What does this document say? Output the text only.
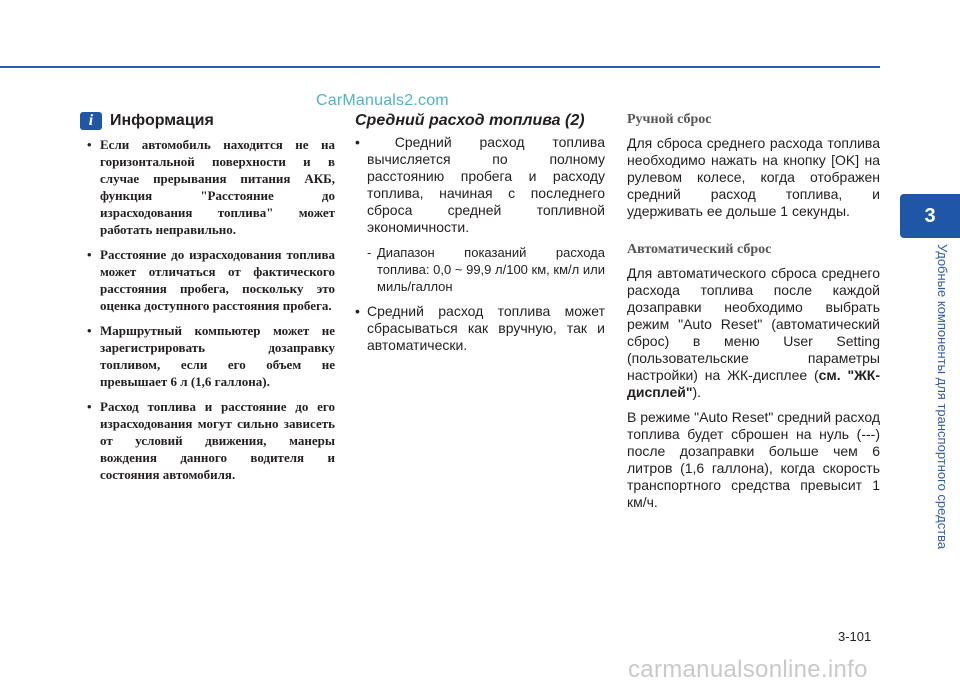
CarManuals2.com
i	Информация
• Если автомобиль находится не на горизонтальной поверхности и в случае прерывания питания АКБ, функция "Расстояние до израсходования топлива" может работать неправильно.
• Расстояние до израсходования топлива может отличаться от фактического расстояния пробега, поскольку это оценка доступного расстояния пробега.
• Маршрутный компьютер может не зарегистрировать дозаправку топливом, если его объем не превышает 6 л (1,6 галлона).
• Расход топлива и расстояние до его израсходования могут сильно зависеть от условий движения, манеры вождения данного водителя и состояния автомобиля.
Средний расход топлива (2)
• Средний расход топлива вычисляется по полному расстоянию пробега и расходу топлива, начиная с последнего сброса средней топливной экономичности.
- Диапазон показаний расхода топлива: 0,0 ~ 99,9 л/100 км, км/л или миль/галлон
• Средний расход топлива может сбрасываться как вручную, так и автоматически.
Ручной сброс

Для сброса среднего расхода топлива необходимо нажать на кнопку [OK] на рулевом колесе, когда отображен средний расход топлива, и удерживать ее дольше 1 секунды.

Автоматический сброс

Для автоматического сброса среднего расхода топлива после каждой дозаправки необходимо выбрать режим "Auto Reset" (автоматический сброс) в меню User Setting (пользовательские параметры настройки) на ЖК-дисплее (см. "ЖК-дисплей").

В режиме "Auto Reset" средний расход топлива будет сброшен на нуль (---) после дозаправки больше чем 6 литров (1,6 галлона), когда скорость транспортного средства превысит 1 км/ч.

3
Удобные компоненты для транспортного средства
3-101
carmanualsonline.info
